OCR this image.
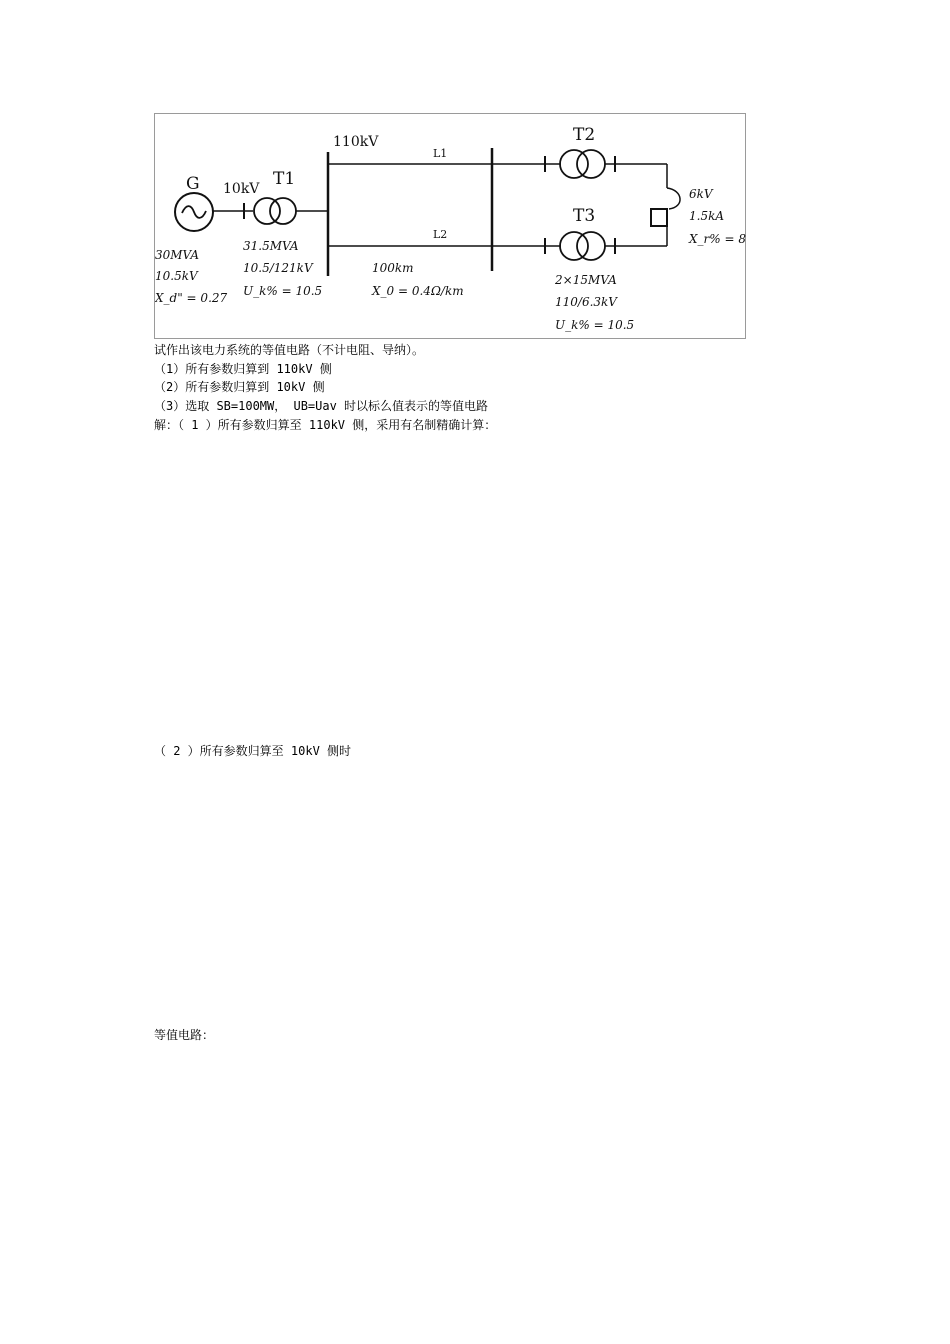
G 10kV T1
110kV
L1
L2
T2
T3
30MVA
10.5kV
X_d" = 0.27
31.5MVA
10.5/121kV
U_k% = 10.5
100km
X_0 = 0.4Ω/km
2×15MVA
110/6.3kV
U_k% = 10.5
6kV
1.5kA
X_r% = 8
试作出该电力系统的等值电路（不计电阻、导纳）。
（1）所有参数归算到 110kV 侧
（2）所有参数归算到 10kV 侧
（3）选取 SB=100MW， UB=Uav 时以标么值表示的等值电路
解：（ 1 ）所有参数归算至 110kV 侧，采用有名制精确计算：
（ 2 ）所有参数归算至 10kV 侧时
等值电路：
